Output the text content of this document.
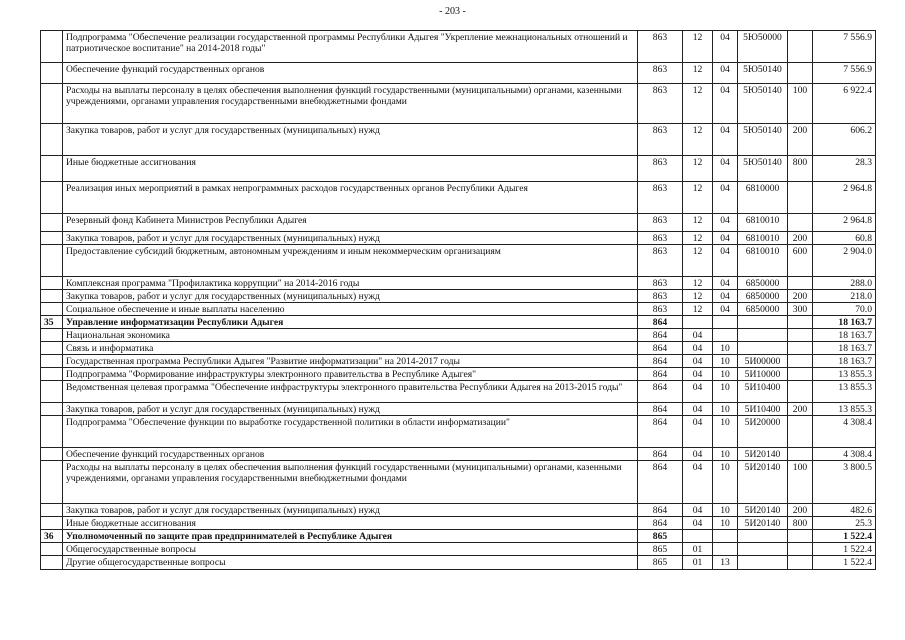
- 203 -
	Подпрограмма "Обеспечение реализации государственной программы Республики Адыгея "Укрепление межнациональных отношений и патриотическое воспитание" на 2014-2018 годы"	863	12	04	5Ю50000		7 556.9
	Обеспечение функций государственных органов	863	12	04	5Ю50140		7 556.9
	Расходы на выплаты персоналу в целях обеспечения выполнения функций государственными (муниципальными) органами, казенными учреждениями, органами управления государственными внебюджетными фондами	863	12	04	5Ю50140	100	6 922.4
	Закупка товаров, работ и услуг для государственных (муниципальных) нужд	863	12	04	5Ю50140	200	606.2
	Иные бюджетные ассигнования	863	12	04	5Ю50140	800	28.3
	Реализация иных мероприятий в рамках непрограммных расходов государственных органов Республики Адыгея	863	12	04	6810000		2 964.8
	Резервный фонд Кабинета Министров Республики Адыгея	863	12	04	6810010		2 964.8
	Закупка товаров, работ и услуг для государственных (муниципальных) нужд	863	12	04	6810010	200	60.8
	Предоставление субсидий бюджетным, автономным учреждениям и иным некоммерческим организациям	863	12	04	6810010	600	2 904.0
	Комплексная программа "Профилактика коррупции" на 2014-2016 годы	863	12	04	6850000		288.0
	Закупка товаров, работ и услуг для государственных (муниципальных) нужд	863	12	04	6850000	200	218.0
	Социальное обеспечение и иные выплаты населению	863	12	04	6850000	300	70.0
35	Управление информатизации Республики Адыгея	864					18 163.7
	Национальная экономика	864	04				18 163.7
	Связь и информатика	864	04	10			18 163.7
	Государственная программа Республики Адыгея "Развитие информатизации" на 2014-2017 годы	864	04	10	5И00000		18 163.7
	Подпрограмма "Формирование инфраструктуры электронного правительства в Республике Адыгея"	864	04	10	5И10000		13 855.3
	Ведомственная целевая программа "Обеспечение инфраструктуры электронного правительства Республики Адыгея на 2013-2015 годы"	864	04	10	5И10400		13 855.3
	Закупка товаров, работ и услуг для государственных (муниципальных) нужд	864	04	10	5И10400	200	13 855.3
	Подпрограмма "Обеспечение функции по выработке государственной политики в области информатизации"	864	04	10	5И20000		4 308.4
	Обеспечение функций государственных органов	864	04	10	5И20140		4 308.4
	Расходы на выплаты персоналу в целях обеспечения выполнения функций государственными (муниципальными) органами, казенными учреждениями, органами управления государственными внебюджетными фондами	864	04	10	5И20140	100	3 800.5
	Закупка товаров, работ и услуг для государственных (муниципальных) нужд	864	04	10	5И20140	200	482.6
	Иные бюджетные ассигнования	864	04	10	5И20140	800	25.3
36	Уполномоченный по защите прав предпринимателей в Республике Адыгея	865					1 522.4
	Общегосударственные вопросы	865	01				1 522.4
	Другие общегосударственные вопросы	865	01	13			1 522.4
